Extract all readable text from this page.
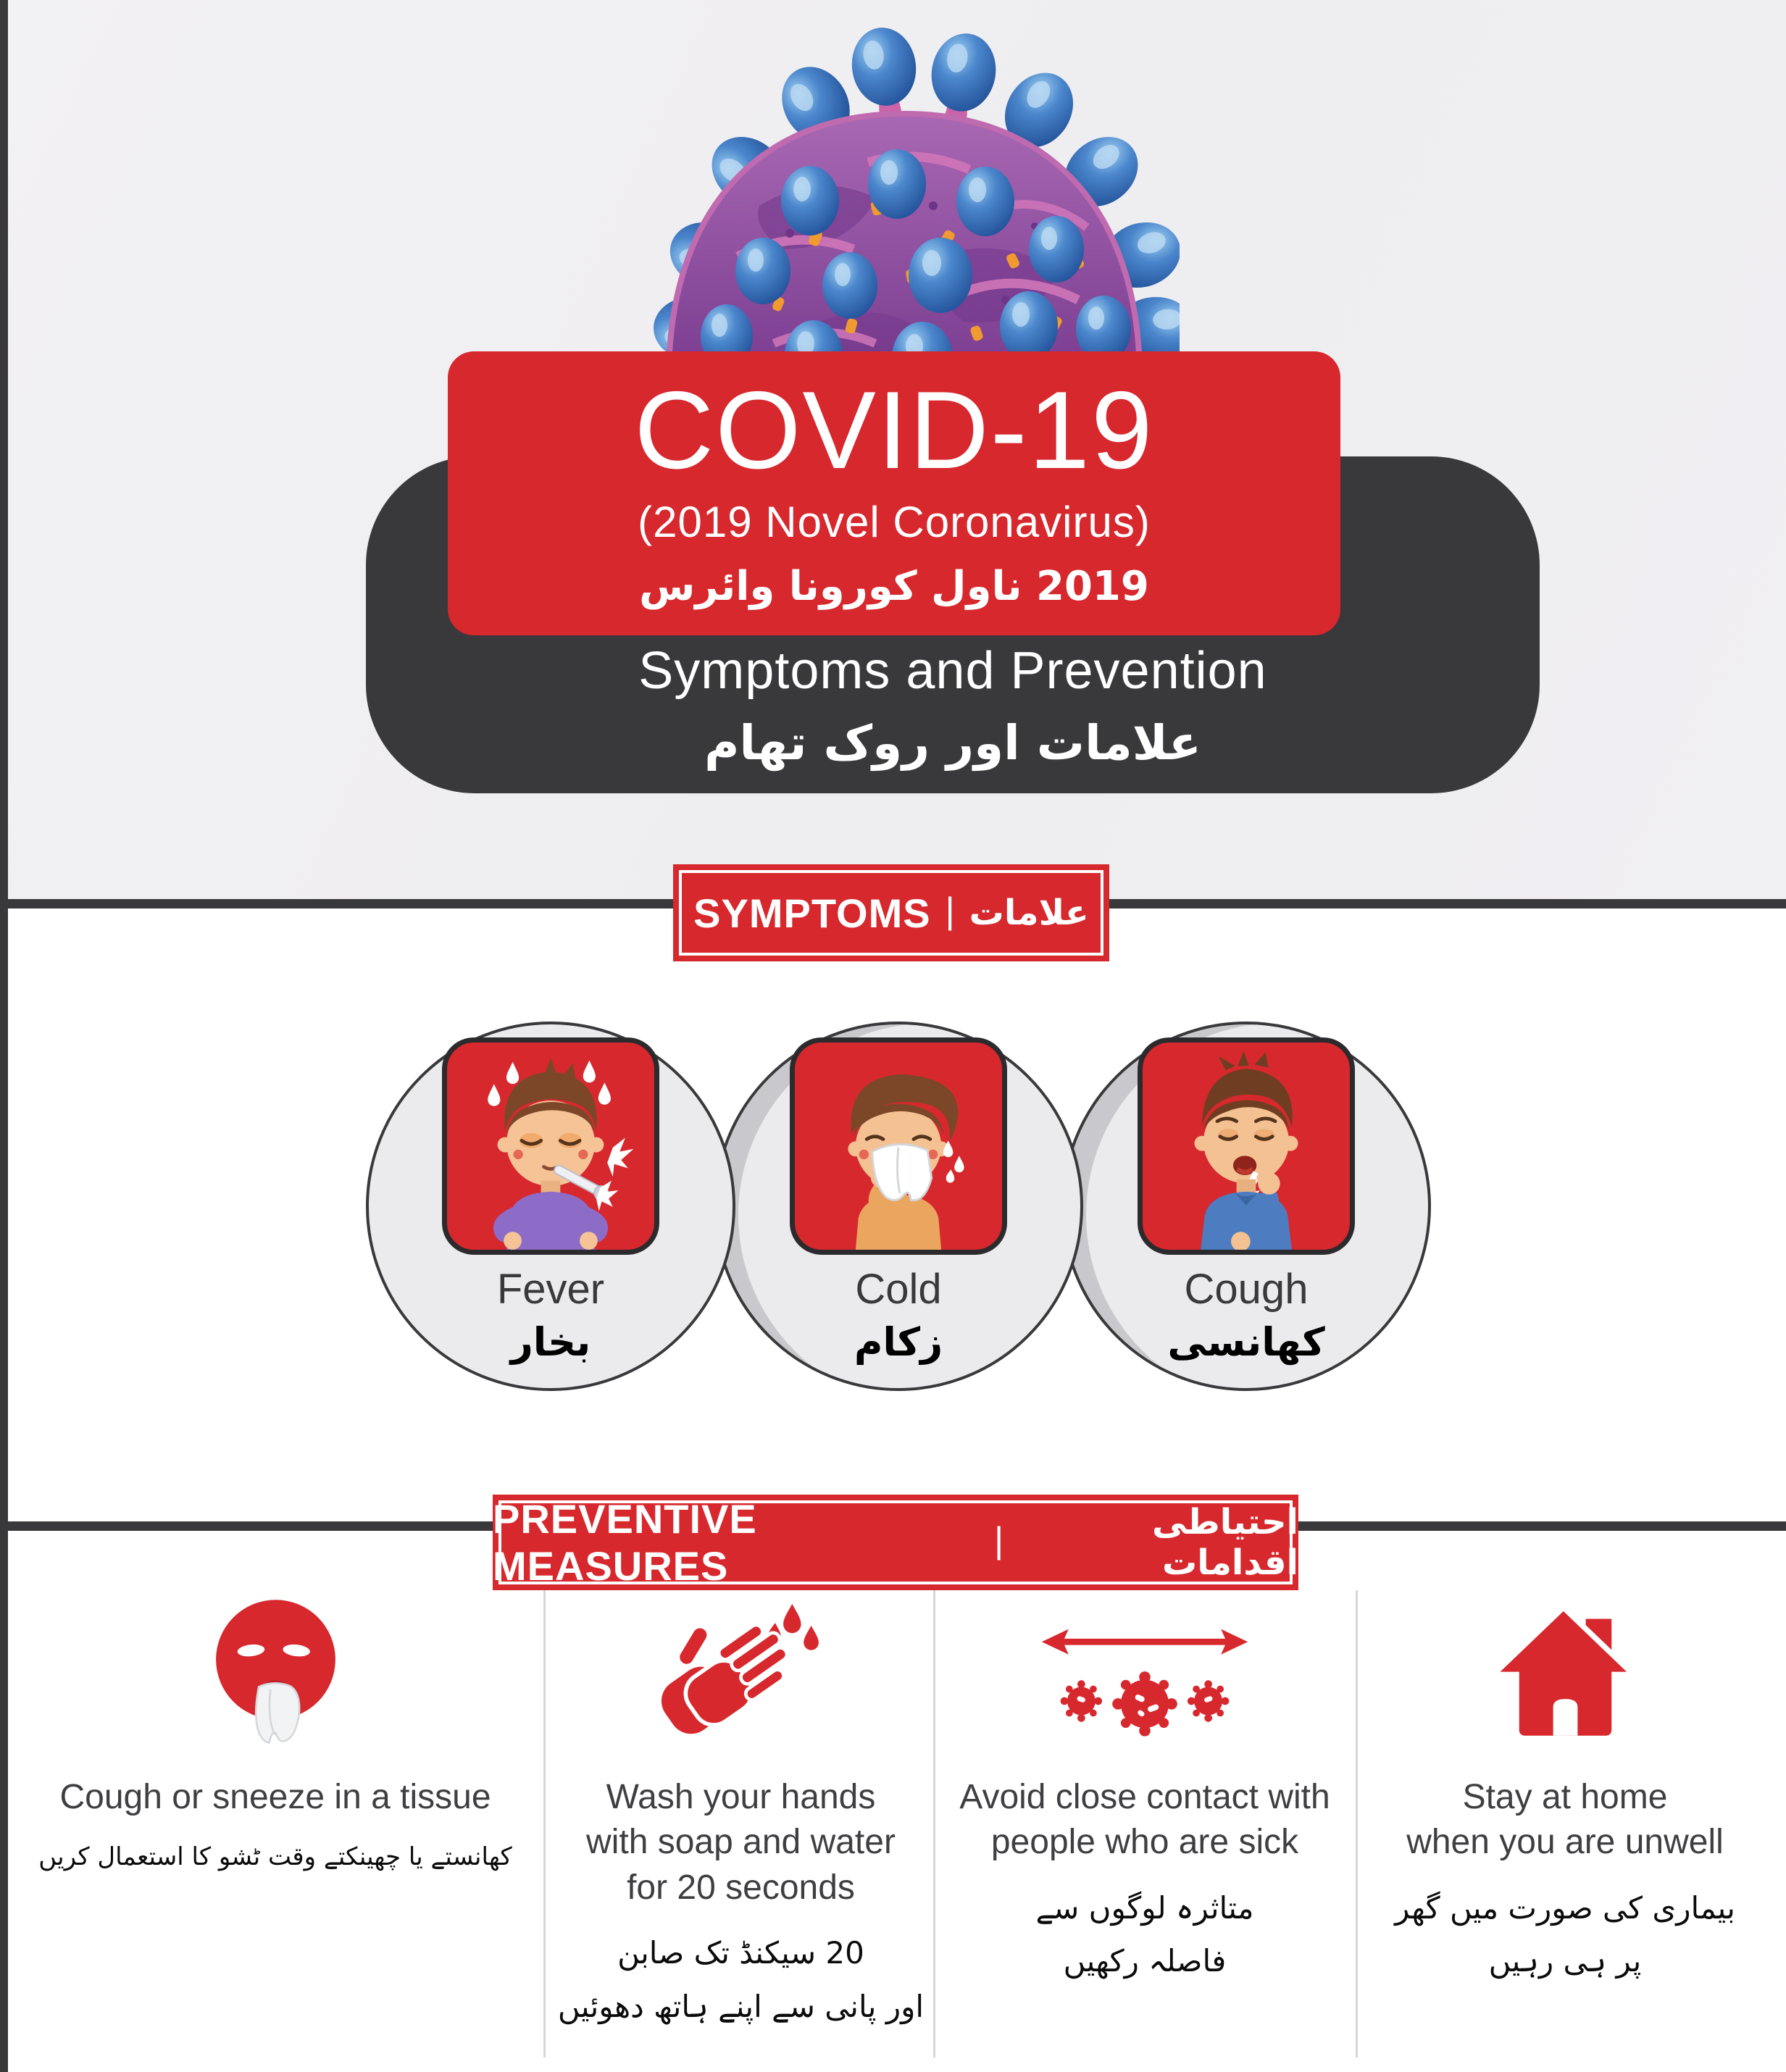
Symptoms and Prevention
علامات اور روک تھام
COVID-19
(2019 Novel Coronavirus)
2019 ناول کورونا وائرس
SYMPTOMS | علامات
Fever
بخار
Cold
زکام
Cough
کھانسی
PREVENTIVE MEASURES
|	احتیاطی اقدامات
Cough or sneeze in a tissue
کھانستے یا چھینکتے وقت ٹشو کا استعمال کریں
Wash your hands
with soap and water
for 20 seconds
20 سیکنڈ تک صابن
اور پانی سے اپنے ہاتھ دھوئیں
Avoid close contact with
people who are sick
متاثرہ لوگوں سے
فاصلہ رکھیں
Stay at home
when you are unwell
بیماری کی صورت میں گھر
پر ہی رہیں
